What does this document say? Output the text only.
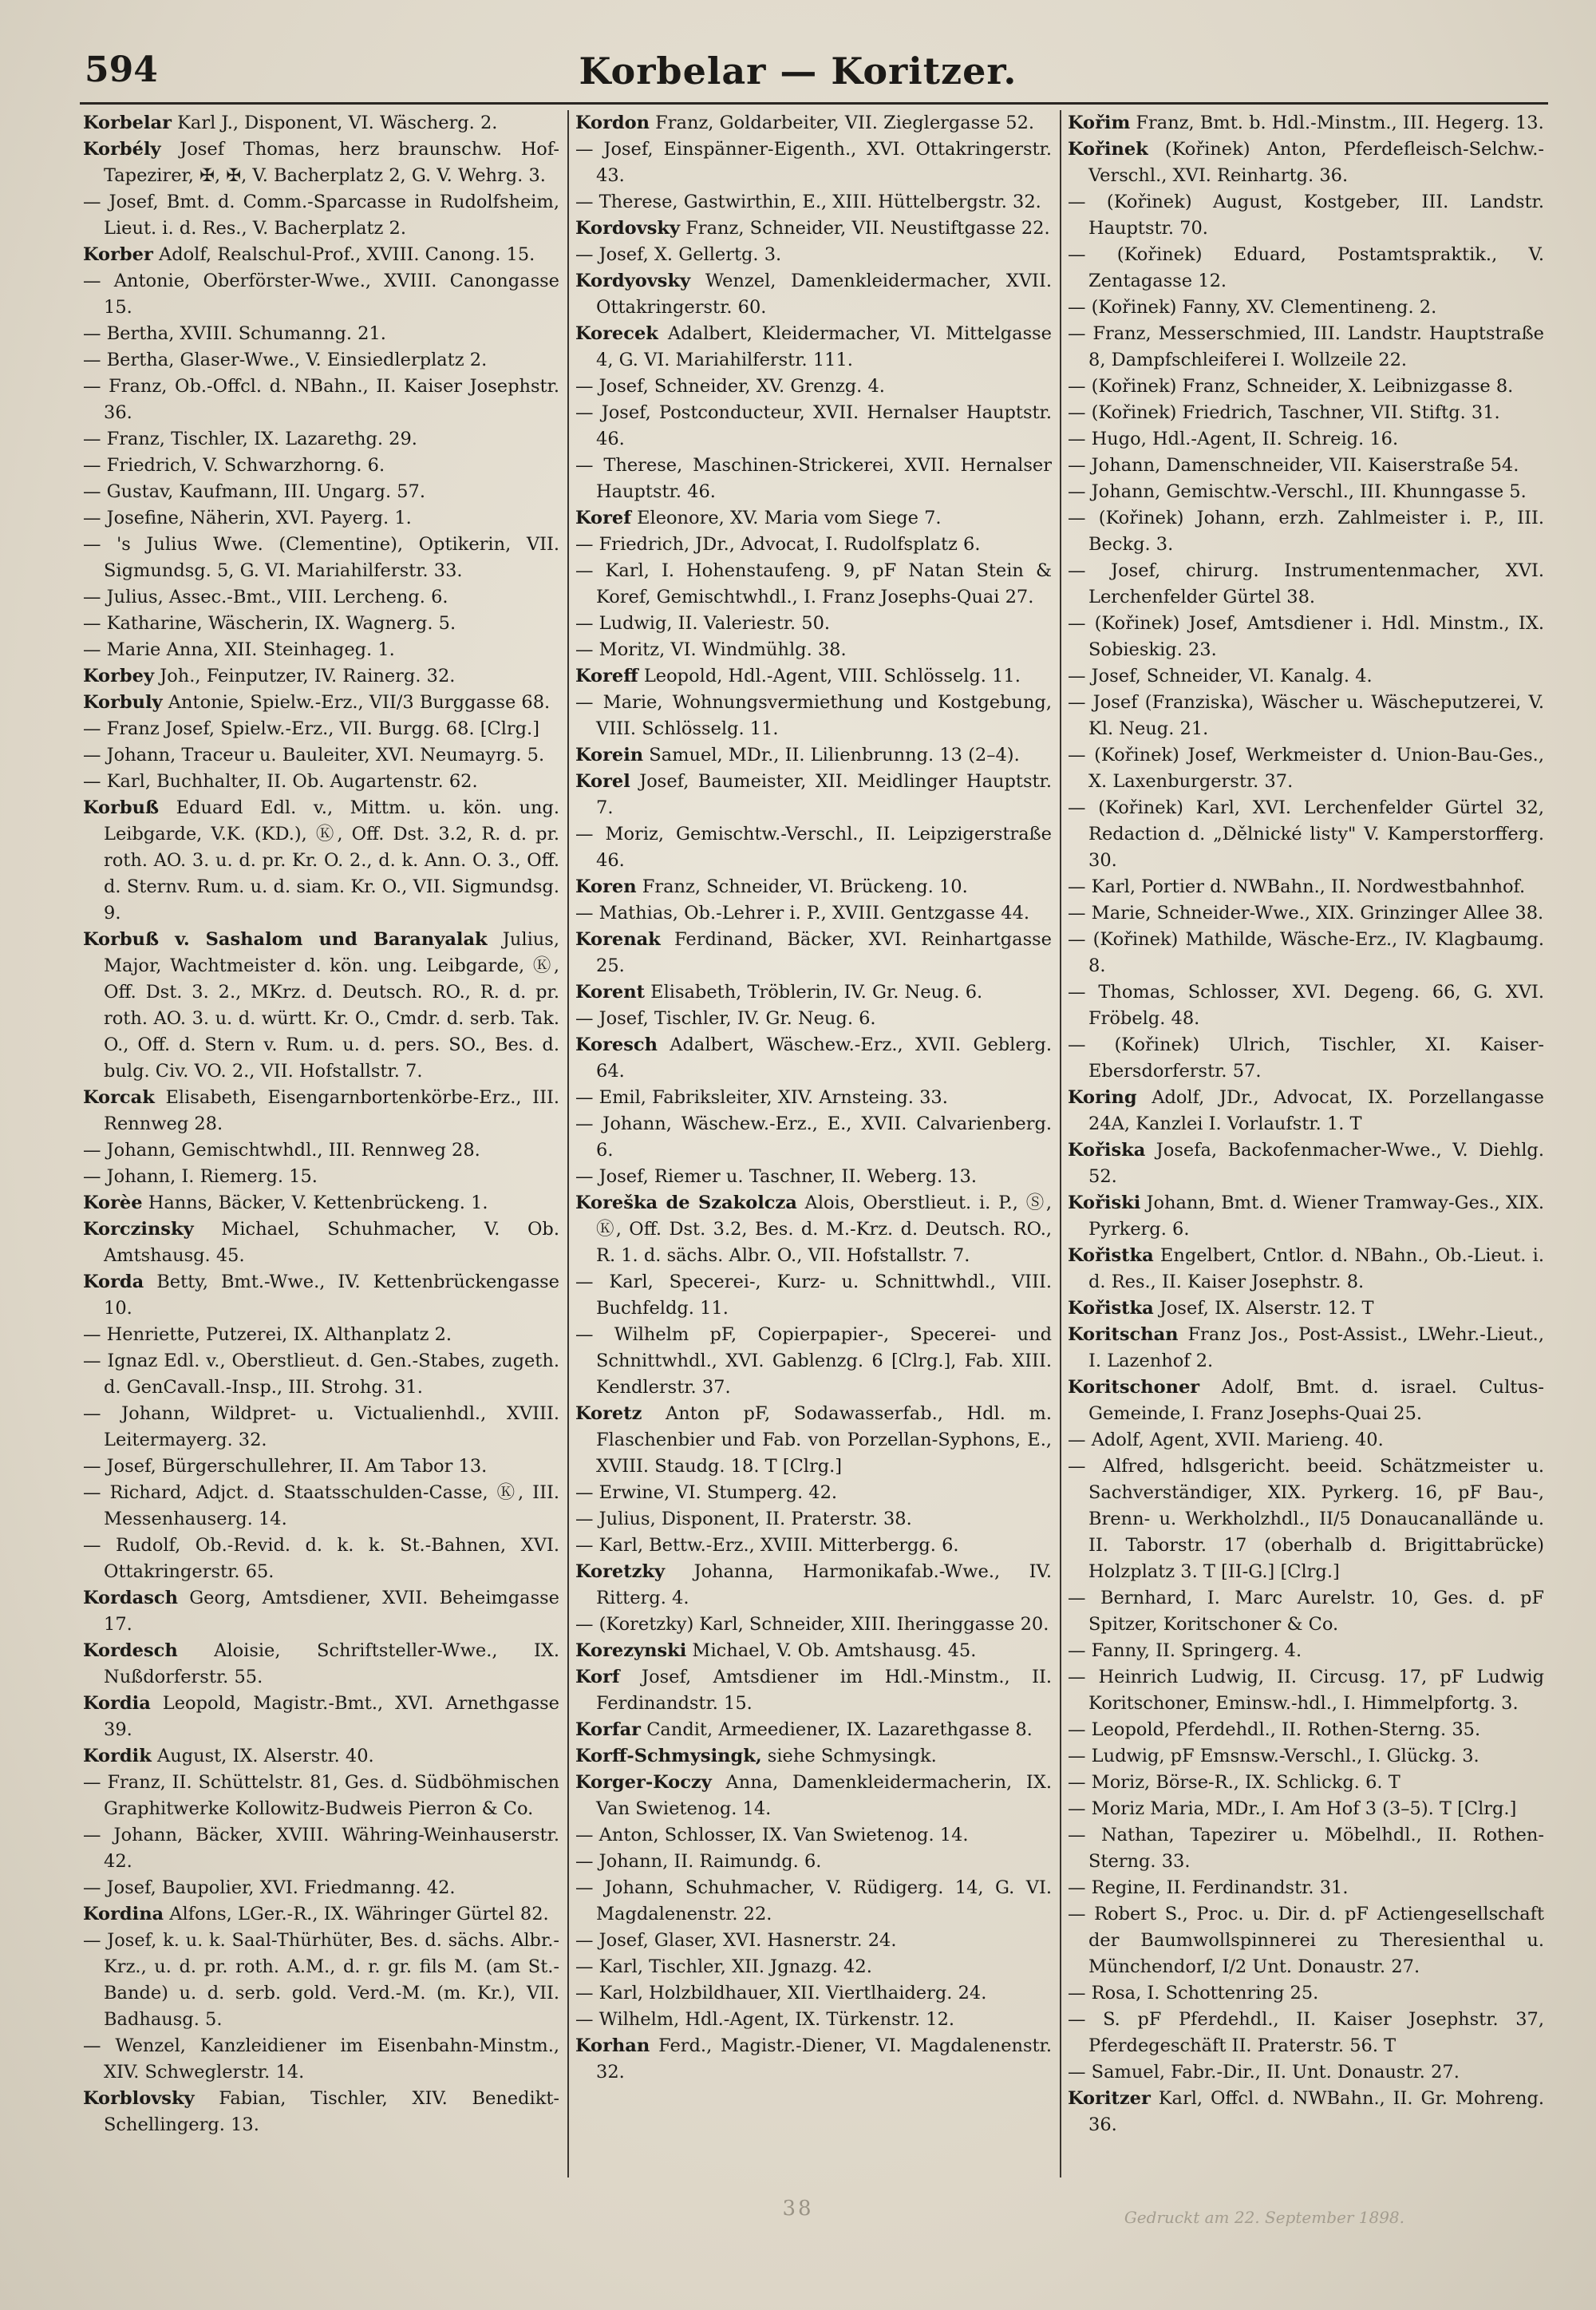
594	Korbelar — Koritzer.
Korbelar Karl J., Disponent, VI. Wäscherg. 2.
Korbély Josef Thomas, herz braunschw. Hof-Tapezirer, ✠, ✠, V. Bacherplatz 2, G. V. Wehrg. 3.
— Josef, Bmt. d. Comm.-Sparcasse in Rudolfsheim, Lieut. i. d. Res., V. Bacherplatz 2.
Korber Adolf, Realschul-Prof., XVIII. Canong. 15.
— Antonie, Oberförster-Wwe., XVIII. Canongasse 15.
— Bertha, XVIII. Schumanng. 21.
— Bertha, Glaser-Wwe., V. Einsiedlerplatz 2.
— Franz, Ob.-Offcl. d. NBahn., II. Kaiser Josephstr. 36.
— Franz, Tischler, IX. Lazarethg. 29.
— Friedrich, V. Schwarzhorng. 6.
— Gustav, Kaufmann, III. Ungarg. 57.
— Josefine, Näherin, XVI. Payerg. 1.
— 's Julius Wwe. (Clementine), Optikerin, VII. Sigmundsg. 5, G. VI. Mariahilferstr. 33.
— Julius, Assec.-Bmt., VIII. Lercheng. 6.
— Katharine, Wäscherin, IX. Wagnerg. 5.
— Marie Anna, XII. Steinhageg. 1.
Korbey Joh., Feinputzer, IV. Rainerg. 32.
Korbuly Antonie, Spielw.-Erz., VII/3 Burggasse 68.
— Franz Josef, Spielw.-Erz., VII. Burgg. 68. [Clrg.]
— Johann, Traceur u. Bauleiter, XVI. Neumayrg. 5.
— Karl, Buchhalter, II. Ob. Augartenstr. 62.
Korbuß Eduard Edl. v., Mittm. u. kön. ung. Leibgarde, V.K. (KD.), Ⓚ, Off. Dst. 3.2, R. d. pr. roth. AO. 3. u. d. pr. Kr. O. 2., d. k. Ann. O. 3., Off. d. Sternv. Rum. u. d. siam. Kr. O., VII. Sigmundsg. 9.
Korbuß v. Sashalom und Baranyalak Julius, Major, Wachtmeister d. kön. ung. Leibgarde, Ⓚ, Off. Dst. 3. 2., MKrz. d. Deutsch. RO., R. d. pr. roth. AO. 3. u. d. württ. Kr. O., Cmdr. d. serb. Tak. O., Off. d. Stern v. Rum. u. d. pers. SO., Bes. d. bulg. Civ. VO. 2., VII. Hofstallstr. 7.
Korcak Elisabeth, Eisengarnbortenkörbe-Erz., III. Rennweg 28.
— Johann, Gemischtwhdl., III. Rennweg 28.
— Johann, I. Riemerg. 15.
Korèe Hanns, Bäcker, V. Kettenbrückeng. 1.
Korczinsky Michael, Schuhmacher, V. Ob. Amtshausg. 45.
Korda Betty, Bmt.-Wwe., IV. Kettenbrückengasse 10.
— Henriette, Putzerei, IX. Althanplatz 2.
— Ignaz Edl. v., Oberstlieut. d. Gen.-Stabes, zugeth. d. GenCavall.-Insp., III. Strohg. 31.
— Johann, Wildpret- u. Victualienhdl., XVIII. Leitermayerg. 32.
— Josef, Bürgerschullehrer, II. Am Tabor 13.
— Richard, Adjct. d. Staatsschulden-Casse, Ⓚ, III. Messenhauserg. 14.
— Rudolf, Ob.-Revid. d. k. k. St.-Bahnen, XVI. Ottakringerstr. 65.
Kordasch Georg, Amtsdiener, XVII. Beheimgasse 17.
Kordesch Aloisie, Schriftsteller-Wwe., IX. Nußdorferstr. 55.
Kordia Leopold, Magistr.-Bmt., XVI. Arnethgasse 39.
Kordik August, IX. Alserstr. 40.
— Franz, II. Schüttelstr. 81, Ges. d. Südböhmischen Graphitwerke Kollowitz-Budweis Pierron & Co.
— Johann, Bäcker, XVIII. Währing-Weinhauserstr. 42.
— Josef, Baupolier, XVI. Friedmanng. 42.
Kordina Alfons, LGer.-R., IX. Währinger Gürtel 82.
— Josef, k. u. k. Saal-Thürhüter, Bes. d. sächs. Albr.-Krz., u. d. pr. roth. A.M., d. r. gr. fils M. (am St.-Bande) u. d. serb. gold. Verd.-M. (m. Kr.), VII. Badhausg. 5.
— Wenzel, Kanzleidiener im Eisenbahn-Minstm., XIV. Schweglerstr. 14.
Korblovsky Fabian, Tischler, XIV. Benedikt-Schellingerg. 13.
Kordon Franz, Goldarbeiter, VII. Zieglergasse 52.
— Josef, Einspänner-Eigenth., XVI. Ottakringerstr. 43.
— Therese, Gastwirthin, E., XIII. Hüttelbergstr. 32.
Kordovsky Franz, Schneider, VII. Neustiftgasse 22.
— Josef, X. Gellertg. 3.
Kordyovsky Wenzel, Damenkleidermacher, XVII. Ottakringerstr. 60.
Korecek Adalbert, Kleidermacher, VI. Mittelgasse 4, G. VI. Mariahilferstr. 111.
— Josef, Schneider, XV. Grenzg. 4.
— Josef, Postconducteur, XVII. Hernalser Hauptstr. 46.
— Therese, Maschinen-Strickerei, XVII. Hernalser Hauptstr. 46.
Koref Eleonore, XV. Maria vom Siege 7.
— Friedrich, JDr., Advocat, I. Rudolfsplatz 6.
— Karl, I. Hohenstaufeng. 9, pF Natan Stein & Koref, Gemischtwhdl., I. Franz Josephs-Quai 27.
— Ludwig, II. Valeriestr. 50.
— Moritz, VI. Windmühlg. 38.
Koreff Leopold, Hdl.-Agent, VIII. Schlösselg. 11.
— Marie, Wohnungsvermiethung und Kostgebung, VIII. Schlösselg. 11.
Korein Samuel, MDr., II. Lilienbrunng. 13 (2–4).
Korel Josef, Baumeister, XII. Meidlinger Hauptstr. 7.
— Moriz, Gemischtw.-Verschl., II. Leipzigerstraße 46.
Koren Franz, Schneider, VI. Brückeng. 10.
— Mathias, Ob.-Lehrer i. P., XVIII. Gentzgasse 44.
Korenak Ferdinand, Bäcker, XVI. Reinhartgasse 25.
Korent Elisabeth, Tröblerin, IV. Gr. Neug. 6.
— Josef, Tischler, IV. Gr. Neug. 6.
Koresch Adalbert, Wäschew.-Erz., XVII. Geblerg. 64.
— Emil, Fabriksleiter, XIV. Arnsteing. 33.
— Johann, Wäschew.-Erz., E., XVII. Calvarienberg. 6.
— Josef, Riemer u. Taschner, II. Weberg. 13.
Koreška de Szakolcza Alois, Oberstlieut. i. P., Ⓢ, Ⓚ, Off. Dst. 3.2, Bes. d. M.-Krz. d. Deutsch. RO., R. 1. d. sächs. Albr. O., VII. Hofstallstr. 7.
— Karl, Specerei-, Kurz- u. Schnittwhdl., VIII. Buchfeldg. 11.
— Wilhelm pF, Copierpapier-, Specerei- und Schnittwhdl., XVI. Gablenzg. 6 [Clrg.], Fab. XIII. Kendlerstr. 37.
Koretz Anton pF, Sodawasserfab., Hdl. m. Flaschenbier und Fab. von Porzellan-Syphons, E., XVIII. Staudg. 18. T [Clrg.]
— Erwine, VI. Stumperg. 42.
— Julius, Disponent, II. Praterstr. 38.
— Karl, Bettw.-Erz., XVIII. Mitterbergg. 6.
Koretzky Johanna, Harmonikafab.-Wwe., IV. Ritterg. 4.
— (Koretzky) Karl, Schneider, XIII. Iheringgasse 20.
Korezynski Michael, V. Ob. Amtshausg. 45.
Korf Josef, Amtsdiener im Hdl.-Minstm., II. Ferdinandstr. 15.
Korfar Candit, Armeediener, IX. Lazarethgasse 8.
Korff-Schmysingk, siehe Schmysingk.
Korger-Koczy Anna, Damenkleidermacherin, IX. Van Swietenog. 14.
— Anton, Schlosser, IX. Van Swietenog. 14.
— Johann, II. Raimundg. 6.
— Johann, Schuhmacher, V. Rüdigerg. 14, G. VI. Magdalenenstr. 22.
— Josef, Glaser, XVI. Hasnerstr. 24.
— Karl, Tischler, XII. Jgnazg. 42.
— Karl, Holzbildhauer, XII. Viertlhaiderg. 24.
— Wilhelm, Hdl.-Agent, IX. Türkenstr. 12.
Korhan Ferd., Magistr.-Diener, VI. Magdalenenstr. 32.
Kořim Franz, Bmt. b. Hdl.-Minstm., III. Hegerg. 13.
Kořinek (Kořinek) Anton, Pferdefleisch-Selchw.-Verschl., XVI. Reinhartg. 36.
— (Kořinek) August, Kostgeber, III. Landstr. Hauptstr. 70.
— (Kořinek) Eduard, Postamtspraktik., V. Zentagasse 12.
— (Kořinek) Fanny, XV. Clementineng. 2.
— Franz, Messerschmied, III. Landstr. Hauptstraße 8, Dampfschleiferei I. Wollzeile 22.
— (Kořinek) Franz, Schneider, X. Leibnizgasse 8.
— (Kořinek) Friedrich, Taschner, VII. Stiftg. 31.
— Hugo, Hdl.-Agent, II. Schreig. 16.
— Johann, Damenschneider, VII. Kaiserstraße 54.
— Johann, Gemischtw.-Verschl., III. Khunngasse 5.
— (Kořinek) Johann, erzh. Zahlmeister i. P., III. Beckg. 3.
— Josef, chirurg. Instrumentenmacher, XVI. Lerchenfelder Gürtel 38.
— (Kořinek) Josef, Amtsdiener i. Hdl. Minstm., IX. Sobieskig. 23.
— Josef, Schneider, VI. Kanalg. 4.
— Josef (Franziska), Wäscher u. Wäscheputzerei, V. Kl. Neug. 21.
— (Kořinek) Josef, Werkmeister d. Union-Bau-Ges., X. Laxenburgerstr. 37.
— (Kořinek) Karl, XVI. Lerchenfelder Gürtel 32, Redaction d. „Dělnické listy" V. Kamperstorfferg. 30.
— Karl, Portier d. NWBahn., II. Nordwestbahnhof.
— Marie, Schneider-Wwe., XIX. Grinzinger Allee 38.
— (Kořinek) Mathilde, Wäsche-Erz., IV. Klagbaumg. 8.
— Thomas, Schlosser, XVI. Degeng. 66, G. XVI. Fröbelg. 48.
— (Kořinek) Ulrich, Tischler, XI. Kaiser-Ebersdorferstr. 57.
Koring Adolf, JDr., Advocat, IX. Porzellangasse 24A, Kanzlei I. Vorlaufstr. 1. T
Kořiska Josefa, Backofenmacher-Wwe., V. Diehlg. 52.
Kořiski Johann, Bmt. d. Wiener Tramway-Ges., XIX. Pyrkerg. 6.
Kořistka Engelbert, Cntlor. d. NBahn., Ob.-Lieut. i. d. Res., II. Kaiser Josephstr. 8.
Kořistka Josef, IX. Alserstr. 12. T
Koritschan Franz Jos., Post-Assist., LWehr.-Lieut., I. Lazenhof 2.
Koritschoner Adolf, Bmt. d. israel. Cultus-Gemeinde, I. Franz Josephs-Quai 25.
— Adolf, Agent, XVII. Marieng. 40.
— Alfred, hdlsgericht. beeid. Schätzmeister u. Sachverständiger, XIX. Pyrkerg. 16, pF Bau-, Brenn- u. Werkholzhdl., II/5 Donaucanallände u. II. Taborstr. 17 (oberhalb d. Brigittabrücke) Holzplatz 3. T [II-G.] [Clrg.]
— Bernhard, I. Marc Aurelstr. 10, Ges. d. pF Spitzer, Koritschoner & Co.
— Fanny, II. Springerg. 4.
— Heinrich Ludwig, II. Circusg. 17, pF Ludwig Koritschoner, Eminsw.-hdl., I. Himmelpfortg. 3.
— Leopold, Pferdehdl., II. Rothen-Sterng. 35.
— Ludwig, pF Emsnsw.-Verschl., I. Glückg. 3.
— Moriz, Börse-R., IX. Schlickg. 6. T
— Moriz Maria, MDr., I. Am Hof 3 (3–5). T [Clrg.]
— Nathan, Tapezirer u. Möbelhdl., II. Rothen-Sterng. 33.
— Regine, II. Ferdinandstr. 31.
— Robert S., Proc. u. Dir. d. pF Actiengesellschaft der Baumwollspinnerei zu Theresienthal u. Münchendorf, I/2 Unt. Donaustr. 27.
— Rosa, I. Schottenring 25.
— S. pF Pferdehdl., II. Kaiser Josephstr. 37, Pferdegeschäft II. Praterstr. 56. T
— Samuel, Fabr.-Dir., II. Unt. Donaustr. 27.
Koritzer Karl, Offcl. d. NWBahn., II. Gr. Mohreng. 36.
38	Gedruckt am 22. September 1898.
